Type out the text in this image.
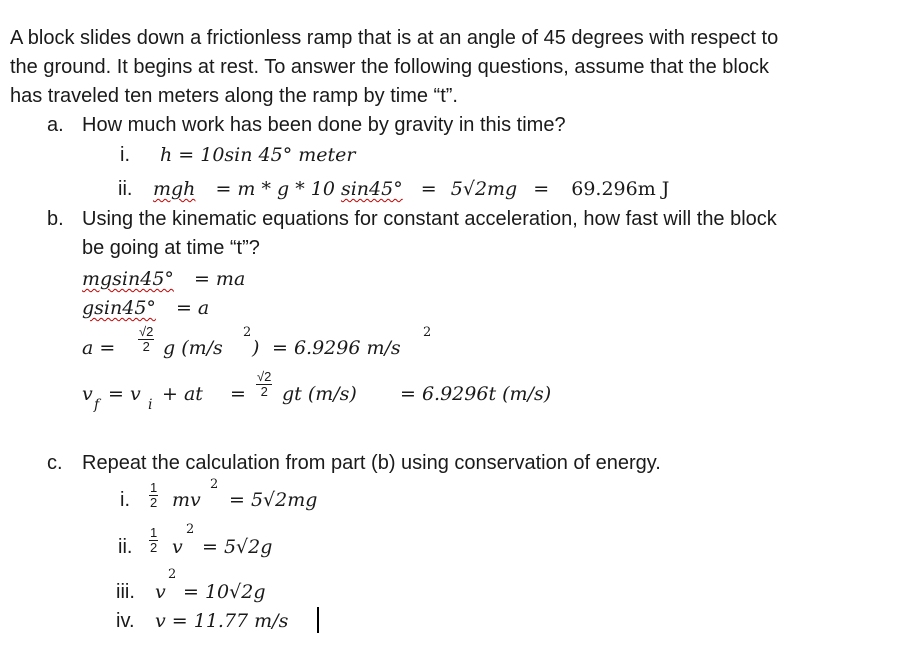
A block slides down a frictionless ramp that is at an angle of 45 degrees with respect to
the ground. It begins at rest. To answer the following questions, assume that the block
has traveled ten meters along the ramp by time “t”.
a. How much work has been done by gravity in this time?
i. h = 10sin 45° meter
ii. mgh = m * g * 10 sin45° = 5√2mg = 69.296m J
b. Using the kinematic equations for constant acceleration, how fast will the block
be going at time “t”?
mgsin45° = ma
gsin45° = a
$a = \frac{√2}{2}$ g (m/s
2
) = 6.9296 m/s
2
v f = v i + at = $\frac{√2}{2}$ gt (m/s) = 6.9296t (m/s)
c. Repeat the calculation from part (b) using conservation of energy.
i. $\frac{1}{2}$ mv
2
= 5√2mg
ii. $\frac{1}{2}$ v
2
= 5√2g
iii. v
2
= 10√2g
iv. v = 11.77 m/s
